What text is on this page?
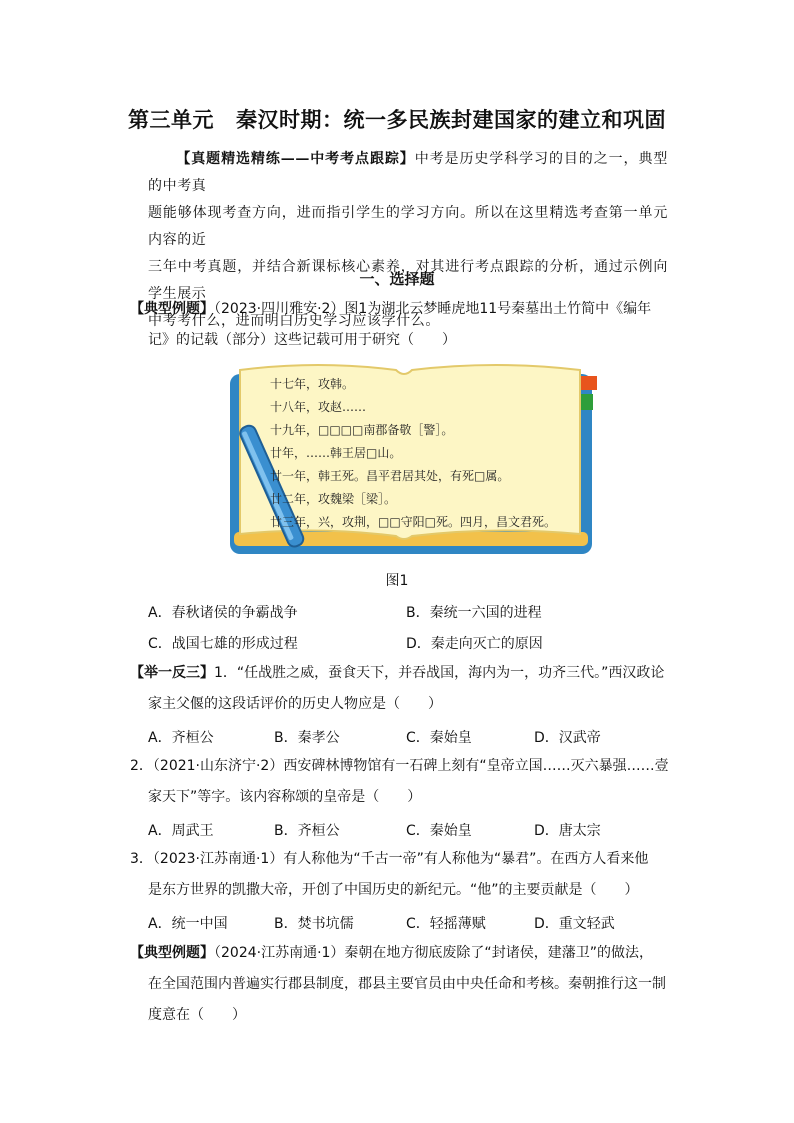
第三单元 秦汉时期：统一多民族封建国家的建立和巩固
【真题精选精练——中考考点跟踪】中考是历史学科学习的目的之一，典型的中考真
题能够体现考查方向，进而指引学生的学习方向。所以在这里精选考查第一单元内容的近
三年中考真题，并结合新课标核心素养，对其进行考点跟踪的分析，通过示例向学生展示
中考考什么，进而明白历史学习应该学什么。
一、选择题
【典型例题】（2023·四川雅安·2）图1为湖北云梦睡虎地11号秦墓出土竹简中《编年
记》的记载（部分）这些记载可用于研究（　　）
十七年，攻韩。
十八年，攻赵……
十九年，□□□□南郡备敬［警］。
廿年，……韩王居□山。
廿一年，韩王死。昌平君居其处，有死□属。
廿二年，攻魏梁［梁］。
廿三年，兴，攻荆，□□守阳□死。四月，昌文君死。
图1
A．春秋诸侯的争霸战争	B．秦统一六国的进程
C．战国七雄的形成过程	D．秦走向灭亡的原因
【举一反三】1．“任战胜之威，蚕食天下，并吞战国，海内为一，功齐三代。”西汉政论
家主父偃的这段话评价的历史人物应是（　　）
A．齐桓公	B．秦孝公	C．秦始皇	D．汉武帝
2．（2021·山东济宁·2）西安碑林博物馆有一石碑上刻有“皇帝立国……灭六暴强……壹
家天下”等字。该内容称颂的皇帝是（　　）
A．周武王	B．齐桓公	C．秦始皇	D．唐太宗
3．（2023·江苏南通·1）有人称他为“千古一帝”有人称他为“暴君”。在西方人看来他
是东方世界的凯撒大帝，开创了中国历史的新纪元。“他”的主要贡献是（　　）
A．统一中国	B．焚书坑儒	C．轻摇薄赋	D．重文轻武
【典型例题】（2024·江苏南通·1）秦朝在地方彻底废除了“封诸侯，建藩卫”的做法，
在全国范围内普遍实行郡县制度，郡县主要官员由中央任命和考核。秦朝推行这一制
度意在（　　）
